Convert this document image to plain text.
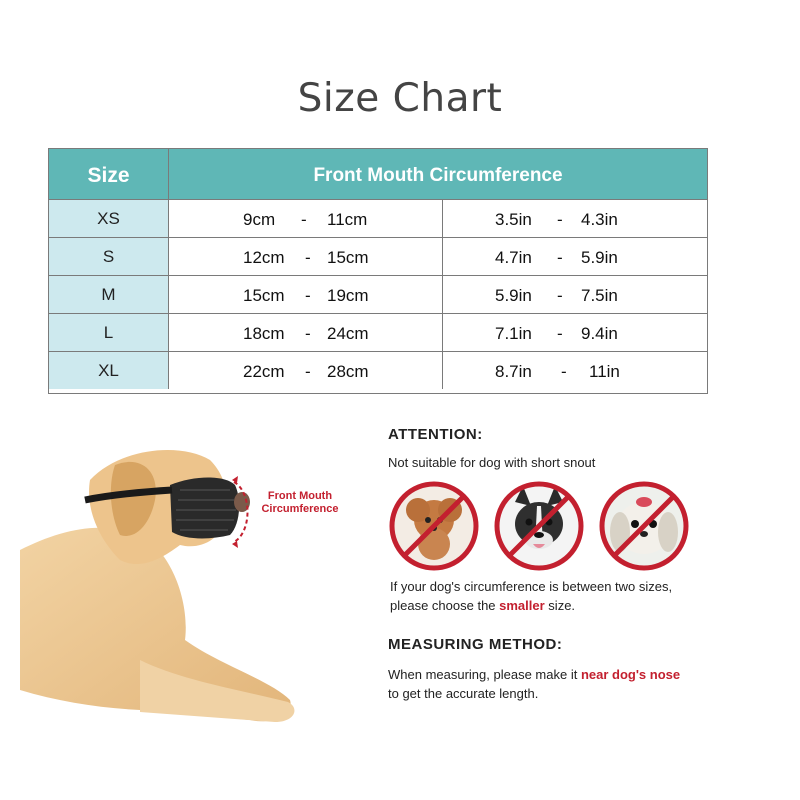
Size Chart
Size	Front Mouth Circumference
XS	9cm - 11cm	3.5in - 4.3in
S	12cm - 15cm	4.7in - 5.9in
M	15cm - 19cm	5.9in - 7.5in
L	18cm - 24cm	7.1in - 9.4in
XL	22cm - 28cm	8.7in - 11in
Front Mouth
Circumference
ATTENTION:
Not suitable for dog with short snout
If your dog's circumference is between two sizes,
please choose the smaller size.
MEASURING METHOD:
When measuring, please make it near dog's nose
to get the accurate length.
